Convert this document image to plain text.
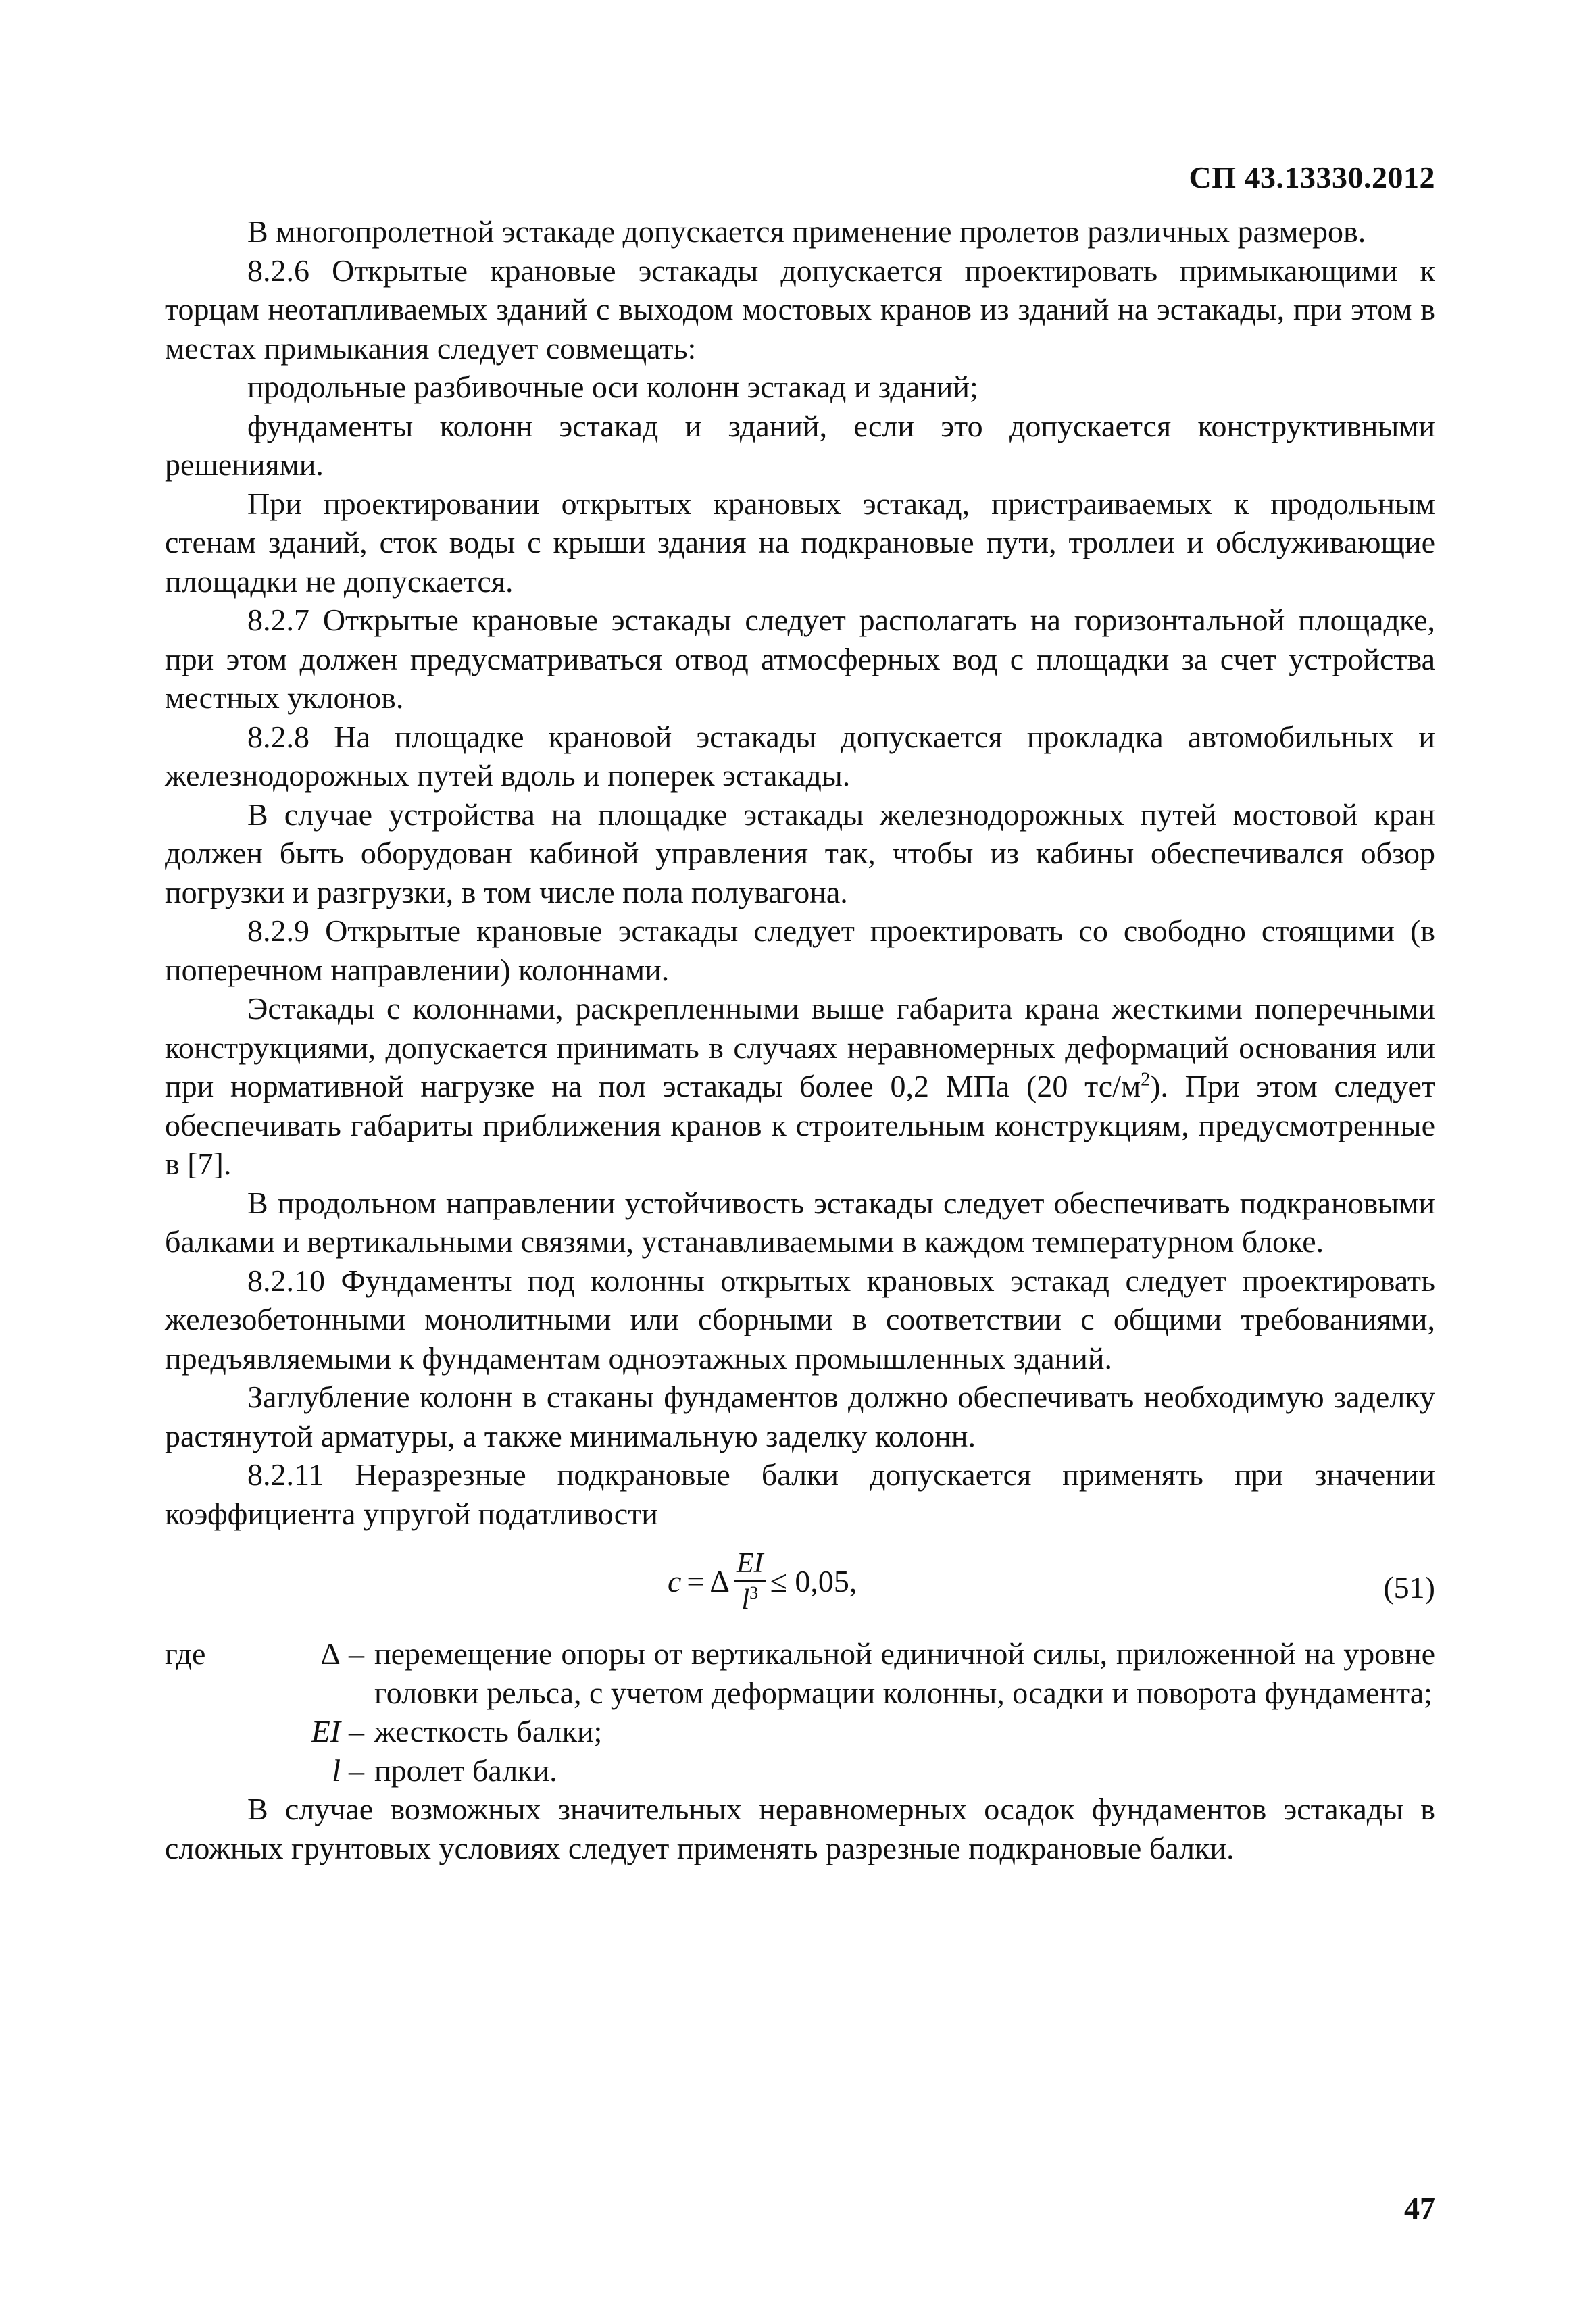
СП 43.13330.2012

В многопролетной эстакаде допускается применение пролетов различных размеров.

8.2.6 Открытые крановые эстакады допускается проектировать примыкающими к торцам неотапливаемых зданий с выходом мостовых кранов из зданий на эстакады, при этом в местах примыкания следует совмещать:

продольные разбивочные оси колонн эстакад и зданий;

фундаменты колонн эстакад и зданий, если это допускается конструктивными решениями.

При проектировании открытых крановых эстакад, пристраиваемых к продольным стенам зданий, сток воды с крыши здания на подкрановые пути, троллеи и обслуживающие площадки не допускается.

8.2.7 Открытые крановые эстакады следует располагать на горизонтальной площадке, при этом должен предусматриваться отвод атмосферных вод с площадки за счет устройства местных уклонов.

8.2.8 На площадке крановой эстакады допускается прокладка автомобильных и железнодорожных путей вдоль и поперек эстакады.

В случае устройства на площадке эстакады железнодорожных путей мостовой кран должен быть оборудован кабиной управления так, чтобы из кабины обеспечивался обзор погрузки и разгрузки, в том числе пола полувагона.

8.2.9 Открытые крановые эстакады следует проектировать со свободно стоящими (в поперечном направлении) колоннами.

Эстакады с колоннами, раскрепленными выше габарита крана жесткими поперечными конструкциями, допускается принимать в случаях неравномерных деформаций основания или при нормативной нагрузке на пол эстакады более 0,2 МПа (20 $тс/м^2$). При этом следует обеспечивать габариты приближения кранов к строительным конструкциям, предусмотренные в [7].

В продольном направлении устойчивость эстакады следует обеспечивать подкрановыми балками и вертикальными связями, устанавливаемыми в каждом температурном блоке.

8.2.10 Фундаменты под колонны открытых крановых эстакад следует проектировать железобетонными монолитными или сборными в соответствии с общими требованиями, предъявляемыми к фундаментам одноэтажных промышленных зданий.

Заглубление колонн в стаканы фундаментов должно обеспечивать необходимую заделку растянутой арматуры, а также минимальную заделку колонн.

8.2.11 Неразрезные подкрановые балки допускается применять при значении коэффициента упругой податливости

c = Δ $\frac{EI}{l^3} \le 0,05$,	(51)
где	Δ – перемещение опоры от вертикальной единичной силы, приложенной на уровне головки рельса, с учетом деформации колонны, осадки и поворота фундамента;
EI – жесткость балки;
l – пролет балки.

В случае возможных значительных неравномерных осадок фундаментов эстакады в сложных грунтовых условиях следует применять разрезные подкрановые балки.

47
